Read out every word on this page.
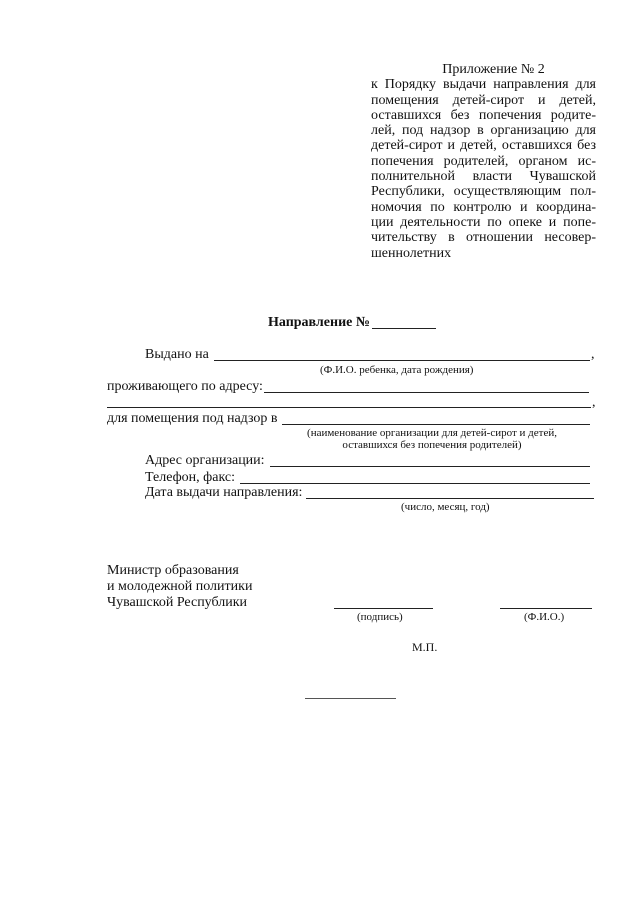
Приложение № 2
к Порядку выдачи направления для
помещения детей-сирот и детей,
оставшихся без попечения родите-
лей, под надзор в организацию для
детей-сирот и детей, оставшихся без
попечения родителей, органом ис-
полнительной власти Чувашской
Республики, осуществляющим пол-
номочия по контролю и координа-
ции деятельности по опеке и попе-
чительству в отношении несовер-
шеннолетних
Направление №
Выдано на	,
(Ф.И.О. ребенка, дата рождения)
проживающего по адресу:
,
для помещения под надзор в
(наименование организации для детей-сирот и детей,
оставшихся без попечения родителей)
Адрес организации:
Телефон, факс:
Дата выдачи направления:
(число, месяц, год)
Министр образования
и молодежной политики
Чувашской Республики
(подпись)	(Ф.И.О.)
М.П.
